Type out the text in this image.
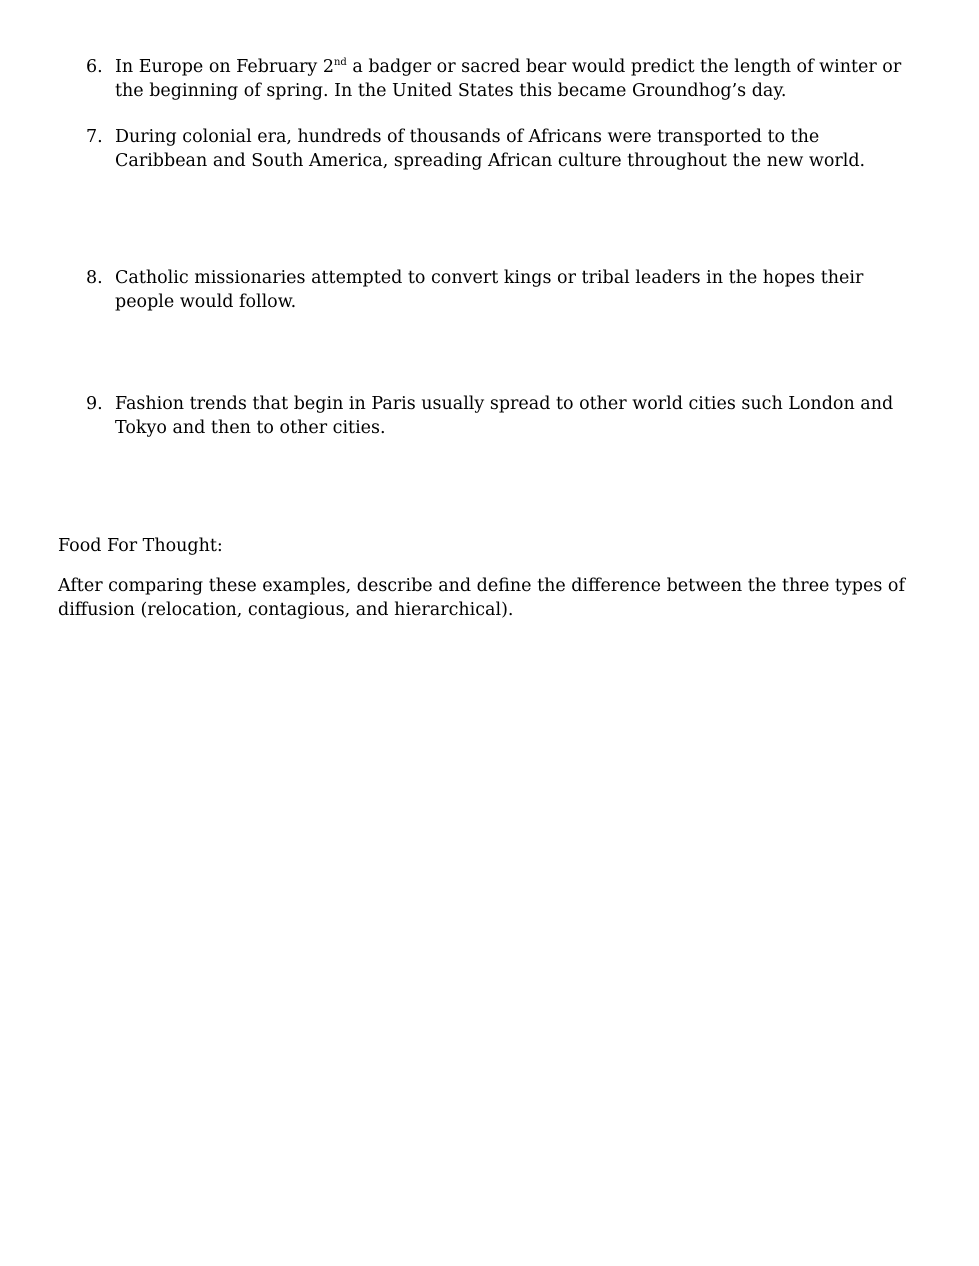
6. In Europe on February 2nd a badger or sacred bear would predict the length of winter or the beginning of spring. In the United States this became Groundhog’s day.
7. During colonial era, hundreds of thousands of Africans were transported to the Caribbean and South America, spreading African culture throughout the new world.
8. Catholic missionaries attempted to convert kings or tribal leaders in the hopes their people would follow.
9. Fashion trends that begin in Paris usually spread to other world cities such London and Tokyo and then to other cities.
Food For Thought:
After comparing these examples, describe and define the difference between the three types of diffusion (relocation, contagious, and hierarchical).
